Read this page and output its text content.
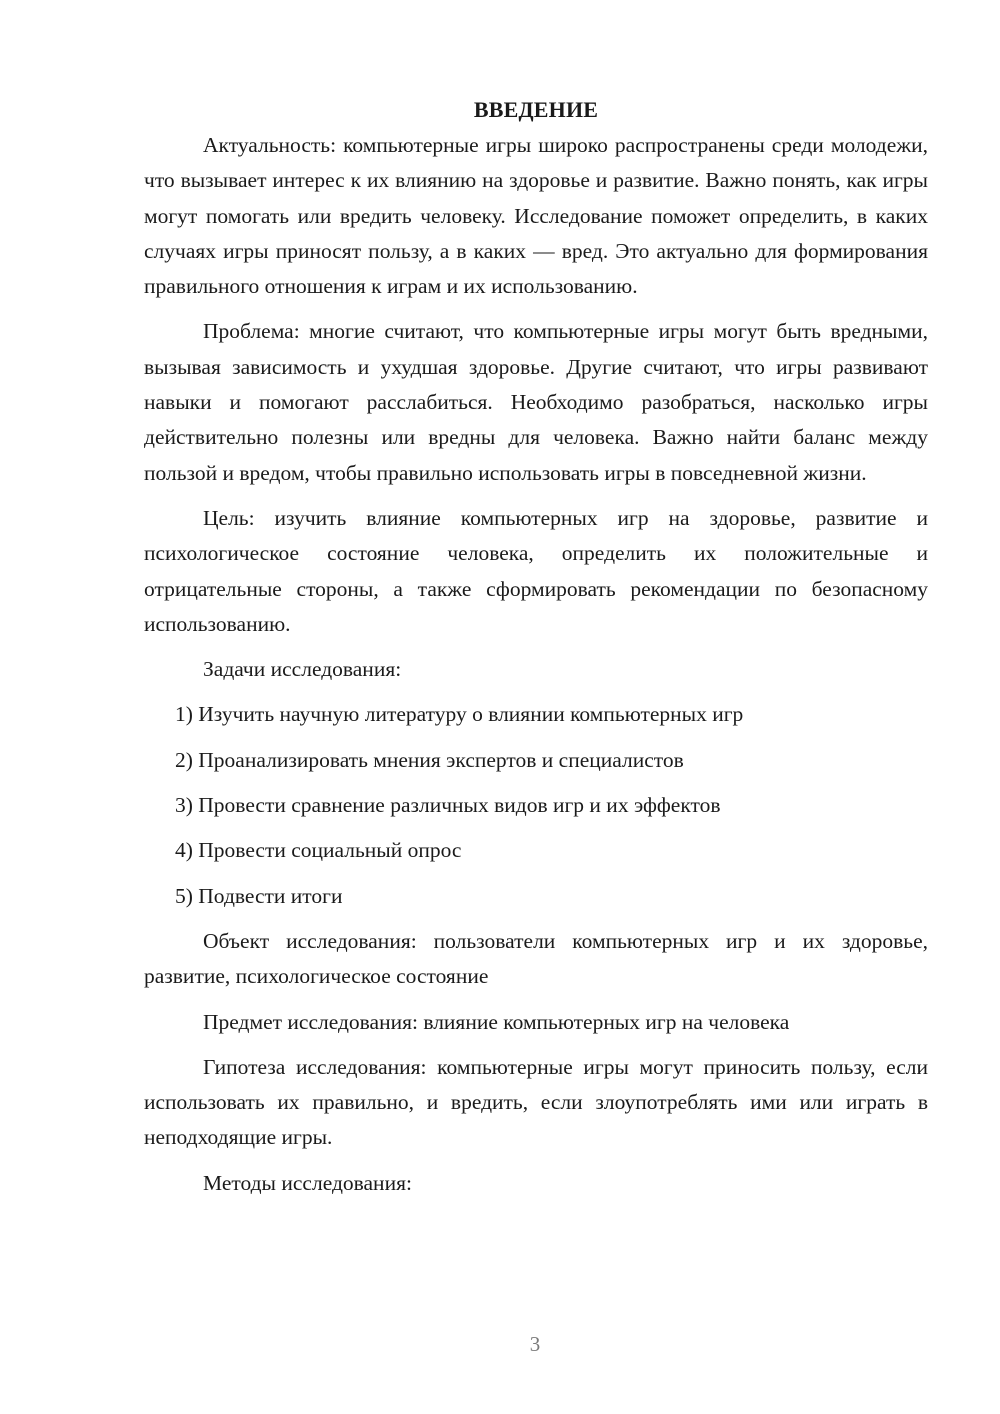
ВВЕДЕНИЕ

Актуальность: компьютерные игры широко распространены среди молодежи, что вызывает интерес к их влиянию на здоровье и развитие. Важно понять, как игры могут помогать или вредить человеку. Исследование поможет определить, в каких случаях игры приносят пользу, а в каких — вред. Это актуально для формирования правильного отношения к играм и их использованию.

Проблема: многие считают, что компьютерные игры могут быть вредными, вызывая зависимость и ухудшая здоровье. Другие считают, что игры развивают навыки и помогают расслабиться. Необходимо разобраться, насколько игры действительно полезны или вредны для человека. Важно найти баланс между пользой и вредом, чтобы правильно использовать игры в повседневной жизни.

Цель: изучить влияние компьютерных игр на здоровье, развитие и психологическое состояние человека, определить их положительные и отрицательные стороны, а также сформировать рекомендации по безопасному использованию.

Задачи исследования:

1) Изучить научную литературу о влиянии компьютерных игр
2) Проанализировать мнения экспертов и специалистов
3) Провести сравнение различных видов игр и их эффектов
4) Провести социальный опрос
5) Подвести итоги

Объект исследования: пользователи компьютерных игр и их здоровье, развитие, психологическое состояние

Предмет исследования: влияние компьютерных игр на человека

Гипотеза исследования: компьютерные игры могут приносить пользу, если использовать их правильно, и вредить, если злоупотреблять ими или играть в неподходящие игры.

Методы исследования:

3
